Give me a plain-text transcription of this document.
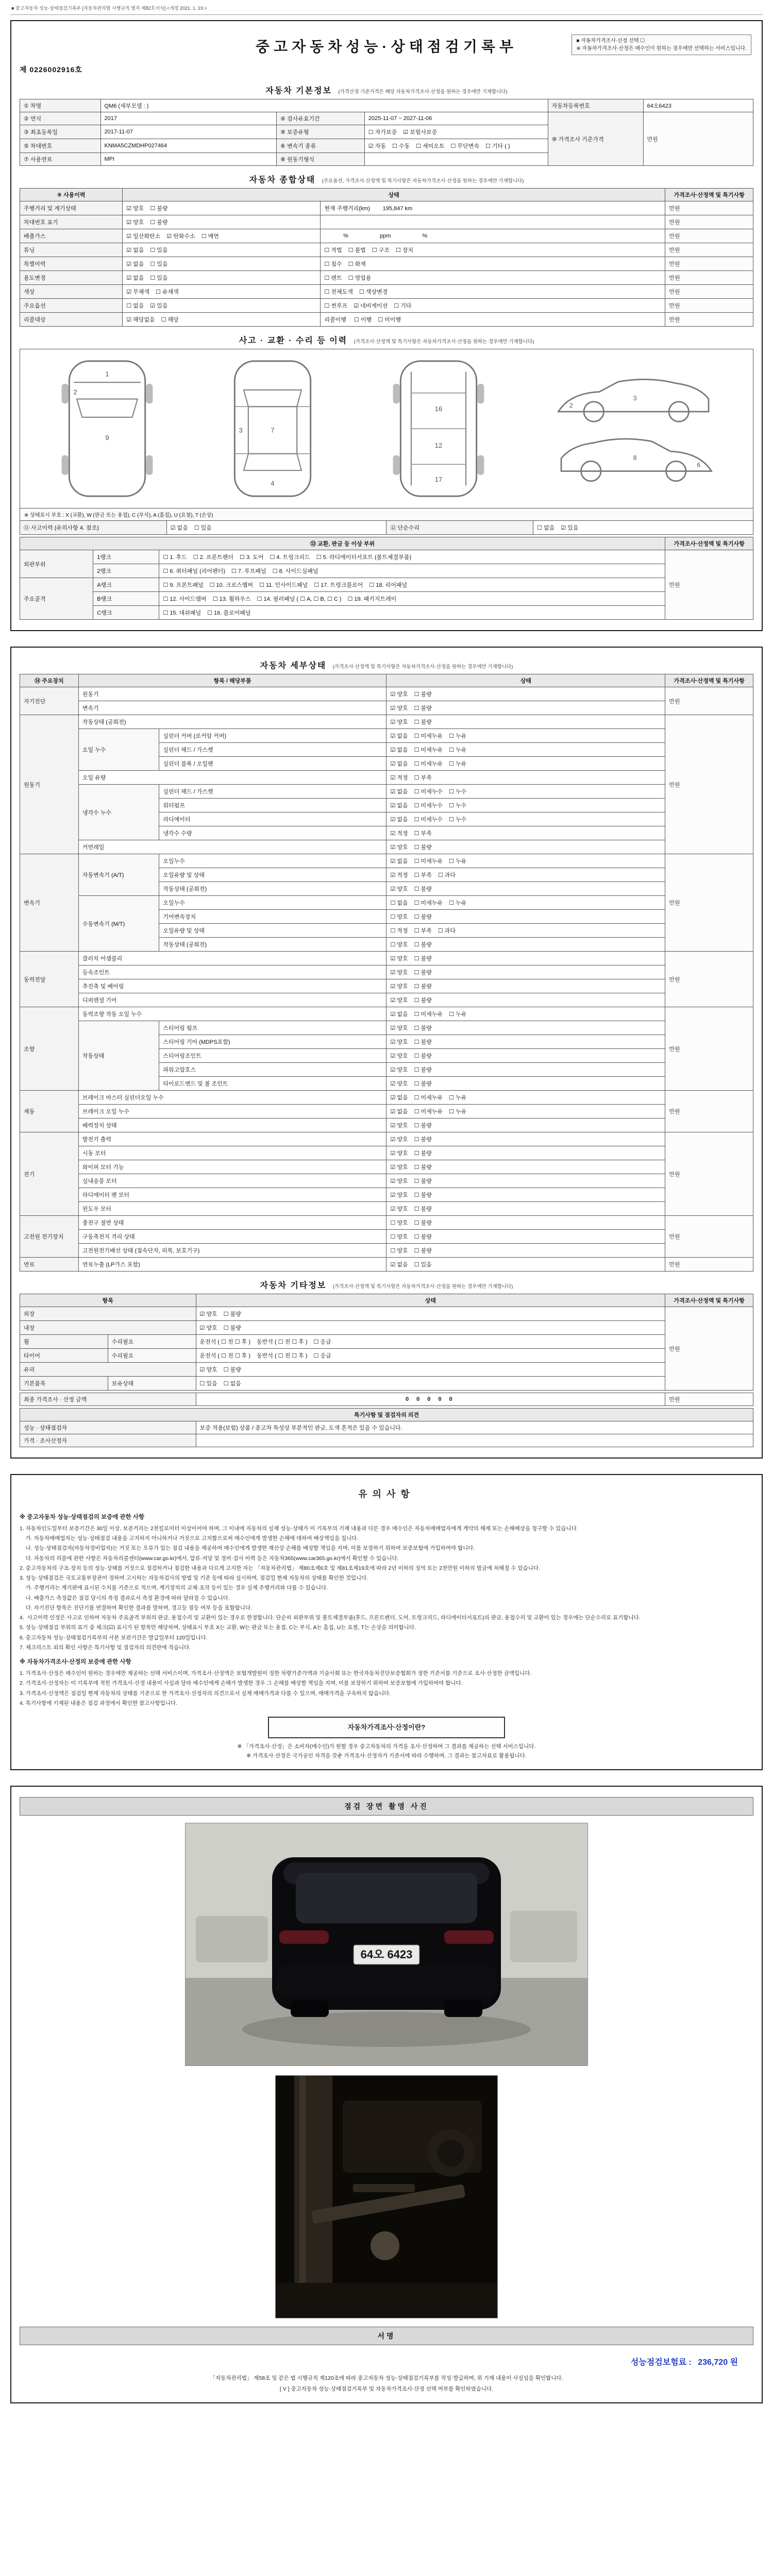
■ 중고자동차 성능·상태점검기록부 [자동차관리법 시행규칙 별지 제82호서식] <개정 2021. 1. 19.>
중고자동차성능·상태점검기록부	■ 자동차가격조사·산정 선택 ☐
※ 자동차가격조사·산정은 매수인이 원하는 경우에만 선택하는 서비스입니다.
제 0226002916호
자동차 기본정보 (가격산정 기준가격은 해당 자동차가격조사·산정을 원하는 경우에만 기재합니다)
① 차명	QM6 (세부모델 : )			자동차등록번호	64오6423
② 연식	2017	④ 검사유효기간	2025-11-07 ~ 2027-11-06	⑩ 가격조사 기준가격	만원
③ 최초등록일	2017-11-07	⑨ 보증유형	☐ 자가보증 ☑ 보험사보증		
⑤ 차대번호	KNMA5CZMDHP027464	⑥ 변속기 종류	☑ 자동 ☐ 수동 ☐ 세미오토 ☐ 무단변속 ☐ 기타 ( )		
⑦ 사용연료	MPI	⑧ 원동기형식			
자동차 종합상태 (주요옵션, 가격조사·산정액 및 특기사항은 자동차가격조사·산정을 원하는 경우에만 기재합니다)
⑨ 사용이력	상태		가격조사·산정액 및 특기사항
주행거리 및 계기상태	☑ 양호 ☐ 불량	현재 주행거리(km)        195,847 km	만원
차대번호 표기	☑ 양호 ☐ 불량		만원
배출가스	☑ 일산화탄소 ☑ 탄화수소 ☐ 매연	%                    ppm                    %	만원
튜닝	☑ 없음 ☐ 있음	☐ 적법 ☐ 불법 ☐ 구조 ☐ 장치	만원
특별이력	☑ 없음 ☐ 있음	☐ 침수 ☐ 화재	만원
용도변경	☑ 없음 ☐ 있음	☐ 렌트 ☐ 영업용	만원
색상	☑ 무채색 ☐ 유채색	☐ 전체도색 ☐ 색상변경	만원
주요옵션	☐ 없음 ☑ 있음	☐ 썬루프 ☑ 네비게이션 ☐ 기타	만원
리콜대상	☑ 해당없음 ☐ 해당	리콜이행 ☐ 이행 ☐ 미이행	만원
사고 · 교환 · 수리 등 이력 (가격조사·산정액 및 특기사항은 자동차가격조사·산정을 원하는 경우에만 기재합니다)
1
2
9
7
3
4
16
12
17
3
2
8
6
※ 상태표시 부호 : X (교환), W (판금 또는 용접), C (부식), A (흠집), U (요철), T (손상)
⑪ 사고이력 (유의사항 4. 참조)	☑ 없음 ☐ 있음	⑫ 단순수리	☐ 없음 ☑ 있음
⑬ 교환, 판금 등 이상 부위			가격조사·산정액 및 특기사항
외판부위	1랭크	☐ 1. 후드 ☐ 2. 프론트펜더 ☐ 3. 도어 ☐ 4. 트렁크리드 ☐ 5. 라디에이터서포트 (볼트체결부품)	만원
	2랭크	☐ 6. 쿼터패널 (리어펜더) ☐ 7. 루프패널 ☐ 8. 사이드실패널	
주요골격	A랭크	☐ 9. 프론트패널 ☐ 10. 크로스멤버 ☐ 11. 인사이드패널 ☐ 17. 트렁크플로어 ☐ 18. 리어패널	
	B랭크	☐ 12. 사이드멤버 ☐ 13. 휠하우스 ☐ 14. 필러패널 ( ☐ A, ☐ B, ☐ C ) ☐ 19. 패키지트레이	
	C랭크	☐ 15. 대쉬패널 ☐ 16. 플로어패널	
자동차 세부상태 (가격조사·산정액 및 특기사항은 자동차가격조사·산정을 원하는 경우에만 기재합니다)
⑭ 주요장치	항목 / 해당부품		상태	가격조사·산정액 및 특기사항
자기진단	원동기		☑ 양호 ☐ 불량	만원
	변속기		☑ 양호 ☐ 불량	
원동기	작동상태 (공회전)		☑ 양호 ☐ 불량	만원
	오일 누수	실린더 커버 (로커암 커버)	☑ 없음 ☐ 미세누유 ☐ 누유	
		실린더 헤드 / 가스켓	☑ 없음 ☐ 미세누유 ☐ 누유	
		실린더 블록 / 오일팬	☑ 없음 ☐ 미세누유 ☐ 누유	
	오일 유량		☑ 적정 ☐ 부족	
	냉각수 누수	실린더 헤드 / 가스켓	☑ 없음 ☐ 미세누수 ☐ 누수	
		워터펌프	☑ 없음 ☐ 미세누수 ☐ 누수	
		라디에이터	☑ 없음 ☐ 미세누수 ☐ 누수	
		냉각수 수량	☑ 적정 ☐ 부족	
	커먼레일		☑ 양호 ☐ 불량	
변속기	자동변속기 (A/T)	오일누수	☑ 없음 ☐ 미세누유 ☐ 누유	만원
		오일유량 및 상태	☑ 적정 ☐ 부족 ☐ 과다	
		작동상태 (공회전)	☑ 양호 ☐ 불량	
	수동변속기 (M/T)	오일누수	☐ 없음 ☐ 미세누유 ☐ 누유	
		기어변속장치	☐ 양호 ☐ 불량	
		오일유량 및 상태	☐ 적정 ☐ 부족 ☐ 과다	
		작동상태 (공회전)	☐ 양호 ☐ 불량	
동력전달	클러치 어셈블리		☑ 양호 ☐ 불량	만원
	등속조인트		☑ 양호 ☐ 불량	
	추진축 및 베어링		☑ 양호 ☐ 불량	
	디퍼렌셜 기어		☑ 양호 ☐ 불량	
조향	동력조향 작동 오일 누수		☑ 없음 ☐ 미세누유 ☐ 누유	만원
	작동상태	스티어링 펌프	☑ 양호 ☐ 불량	
		스티어링 기어 (MDPS포함)	☑ 양호 ☐ 불량	
		스티어링조인트	☑ 양호 ☐ 불량	
		파워고압호스	☑ 양호 ☐ 불량	
		타이로드엔드 및 볼 조인트	☑ 양호 ☐ 불량	
제동	브레이크 마스터 실린더오일 누수		☑ 없음 ☐ 미세누유 ☐ 누유	만원
	브레이크 오일 누수		☑ 없음 ☐ 미세누유 ☐ 누유	
	배력장치 상태		☑ 양호 ☐ 불량	
전기	발전기 출력		☑ 양호 ☐ 불량	만원
	시동 모터		☑ 양호 ☐ 불량	
	와이퍼 모터 기능		☑ 양호 ☐ 불량	
	실내송풍 모터		☑ 양호 ☐ 불량	
	라디에이터 팬 모터		☑ 양호 ☐ 불량	
	윈도우 모터		☑ 양호 ☐ 불량	
고전원 전기장치	충전구 절연 상태		☐ 양호 ☐ 불량	만원
	구동축전지 격리 상태		☐ 양호 ☐ 불량	
	고전원전기배선 상태 (접속단자, 피복, 보호기구)		☐ 양호 ☐ 불량	
연료	연료누출 (LP가스 포함)		☑ 없음 ☐ 있음	만원
자동차 기타정보 (가격조사·산정액 및 특기사항은 자동차가격조사·산정을 원하는 경우에만 기재합니다)
항목		상태	가격조사·산정액 및 특기사항
외장		☑ 양호 ☐ 불량	만원
내장		☑ 양호 ☐ 불량	
휠	수리필요	운전석 ( ☐ 전 ☐ 후 ) 동반석 ( ☐ 전 ☐ 후 ) ☐ 응급	
타이어	수리필요	운전석 ( ☐ 전 ☐ 후 ) 동반석 ( ☐ 전 ☐ 후 ) ☐ 응급	
유리		☑ 양호 ☐ 불량	
기본품목	보유상태	☐ 있음 ☐ 없음	
최종 가격조사 · 산정 금액	0 0 0 0 0	만원
특기사항 및 점검자의 의견	
성능 · 상태점검자	보증 적용(보험) 상품 / 중고차 특성상 부분적인 판금, 도색 흔적은 있을 수 있습니다.
가격 · 조사산정자	
유의사항
※ 중고자동차 성능·상태점검의 보증에 관한 사항
1. 자동차인도일부터 보증기간은 30일 이상, 보증거리는 2천킬로미터 이상이어야 하며, 그 이내에 자동차의 실제 성능·상태가 이 기록부의 기재 내용과 다른 경우 매수인은 자동차매매업자에게 계약의 해제 또는 손해배상을 청구할 수 있습니다.
가. 자동차매매업자는 성능·상태점검 내용을 고지하지 아니하거나 거짓으로 고지함으로써 매수인에게 발생한 손해에 대하여 배상책임을 집니다.
나. 성능·상태점검자(자동차정비업자)는 거짓 또는 오류가 있는 점검 내용을 제공하여 매수인에게 발생한 재산상 손해를 배상할 책임을 지며, 이를 보장하기 위하여 보증보험에 가입하여야 합니다.
다. 자동차의 리콜에 관한 사항은 자동차리콜센터(www.car.go.kr)에서, 압류·저당 및 정비·검사 이력 등은 자동차365(www.car365.go.kr)에서 확인할 수 있습니다.
2. 중고자동차의 구조·장치 등의 성능·상태를 거짓으로 점검하거나 점검한 내용과 다르게 고지한 자는 「자동차관리법」 제80조제6호 및 제81조제19호에 따라 2년 이하의 징역 또는 2천만원 이하의 벌금에 처해질 수 있습니다.
3. 성능·상태점검은 국토교통부장관이 정하여 고시하는 자동차검사의 방법 및 기준 등에 따라 실시하며, 점검일 현재 자동차의 상태를 확인한 것입니다.
가. 주행거리는 계기판에 표시된 수치를 기준으로 적으며, 계기장치의 교체·조작 등이 있는 경우 실제 주행거리와 다를 수 있습니다.
나. 배출가스 측정값은 점검 당시의 측정 결과로서 측정 환경에 따라 달라질 수 있습니다.
다. 자기진단 항목은 진단기를 연결하여 확인한 결과를 말하며, 경고등 점등 여부 등을 포함합니다.
4.  사고이력 인정은 사고로 인하여 자동차 주요골격 부위의 판금, 용접수리 및 교환이 있는 경우로 한정합니다. 단순히 외판부위 및 볼트체결부품(후드, 프론트펜더, 도어, 트렁크리드, 라디에이터서포트)의 판금, 용접수리 및 교환이 있는 경우에는 단순수리로 표기합니다.
5. 성능·상태점검 부위의 표기 중 체크(☑) 표시가 된 항목만 해당하며, 상태표시 부호 X는 교환, W는 판금 또는 용접, C는 부식, A는 흠집, U는 요철, T는 손상을 의미합니다.
6. 중고자동차 성능·상태점검기록부의 사본 보관기간은 발급일부터 120일입니다.
7. 체크리스트 외의 확인 사항은 특기사항 및 점검자의 의견란에 적습니다.
※ 자동차가격조사·산정의 보증에 관한 사항
1. 가격조사·산정은 매수인이 원하는 경우에만 제공하는 선택 서비스이며, 가격조사·산정액은 보험개발원이 정한 차량기준가액과 기술사회 또는 한국자동차진단보증협회가 정한 기준서를 기준으로 조사·산정한 금액입니다.
2. 가격조사·산정자는 이 기록부에 적힌 가격조사·산정 내용이 사실과 달라 매수인에게 손해가 발생한 경우 그 손해를 배상할 책임을 지며, 이를 보장하기 위하여 보증보험에 가입하여야 합니다.
3. 가격조사·산정액은 점검일 현재 자동차의 상태를 기준으로 한 가격조사·산정자의 의견으로서 실제 매매가격과 다를 수 있으며, 매매가격을 구속하지 않습니다.
4. 특기사항에 기재된 내용은 점검 과정에서 확인한 참고사항입니다.
자동차가격조사·산정이란?
※ 「가격조사·산정」은 소비자(매수인)가 원할 경우 중고자동차의 가격을 조사·산정하여 그 결과를 제공하는 선택 서비스입니다.
※ 가격조사·산정은 국가공인 자격을 갖춘 가격조사·산정자가 기준서에 따라 수행하며, 그 결과는 참고자료로 활용됩니다.
점검 장면 촬영 사진
64오 6423
서명
성능점검보험료 : 236,720 원
「자동차관리법」 제58조 및 같은 법 시행규칙 제120조에 따라 중고자동차 성능·상태점검기록부를 작성·발급하며, 위 기재 내용이 사실임을 확인합니다.
[ V ] 중고자동차 성능·상태점검기록부 및 자동차가격조사·산정 선택 여부를 확인하였습니다.
